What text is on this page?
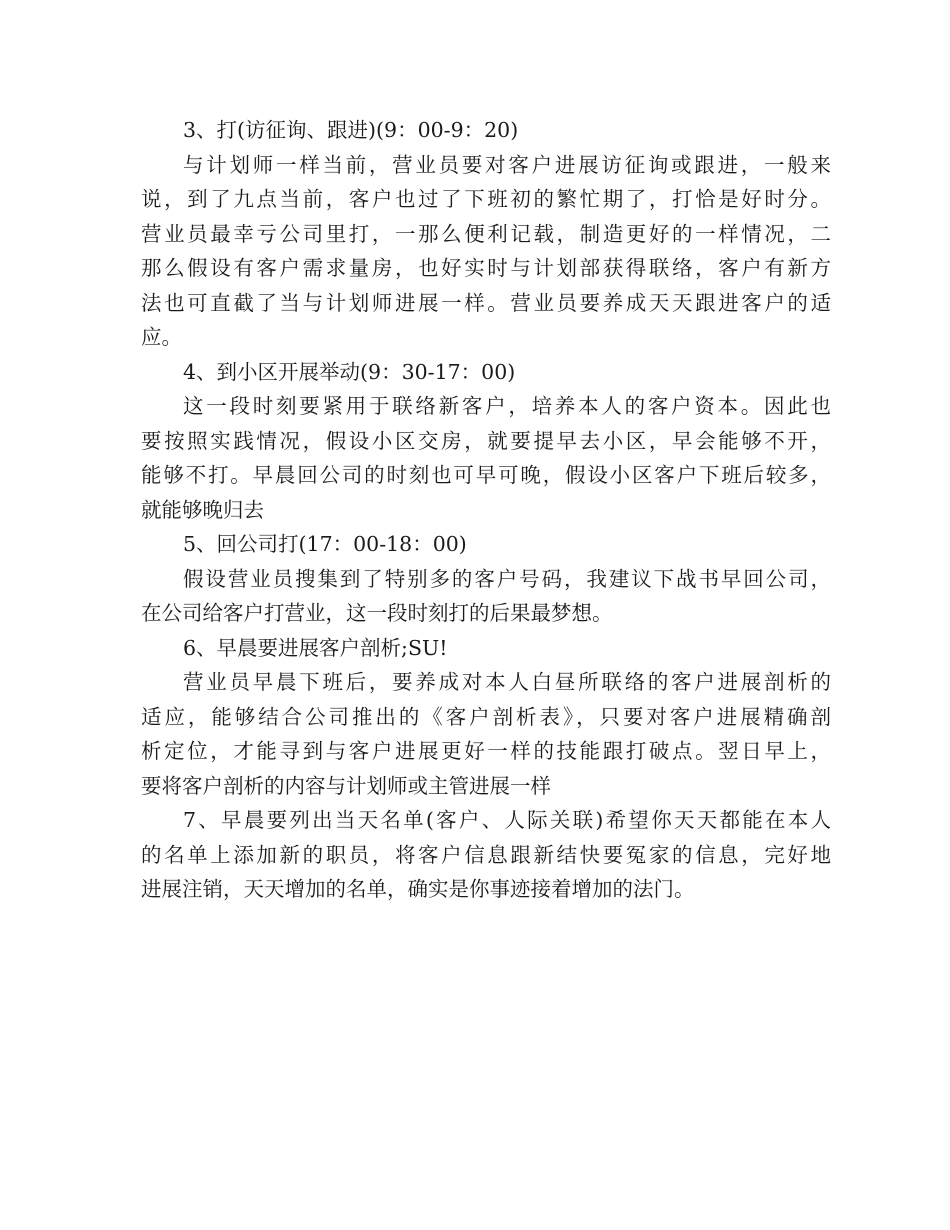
3、打(访征询、跟进)(9：00-9：20)
与计划师一样当前，营业员要对客户进展访征询或跟进，一般来
说，到了九点当前，客户也过了下班初的繁忙期了，打恰是好时分。
营业员最幸亏公司里打，一那么便利记载，制造更好的一样情况，二
那么假设有客户需求量房，也好实时与计划部获得联络，客户有新方
法也可直截了当与计划师进展一样。营业员要养成天天跟进客户的适
应。
4、到小区开展举动(9：30-17：00)
这一段时刻要紧用于联络新客户，培养本人的客户资本。因此也
要按照实践情况，假设小区交房，就要提早去小区，早会能够不开，
能够不打。早晨回公司的时刻也可早可晚，假设小区客户下班后较多，
就能够晚归去
5、回公司打(17：00-18：00)
假设营业员搜集到了特别多的客户号码，我建议下战书早回公司，
在公司给客户打营业，这一段时刻打的后果最梦想。
6、早晨要进展客户剖析;SU!
营业员早晨下班后，要养成对本人白昼所联络的客户进展剖析的
适应，能够结合公司推出的《客户剖析表》，只要对客户进展精确剖
析定位，才能寻到与客户进展更好一样的技能跟打破点。翌日早上，
要将客户剖析的内容与计划师或主管进展一样
7、早晨要列出当天名单(客户、人际关联)希望你天天都能在本人
的名单上添加新的职员，将客户信息跟新结快要冤家的信息，完好地
进展注销，天天增加的名单，确实是你事迹接着增加的法门。
